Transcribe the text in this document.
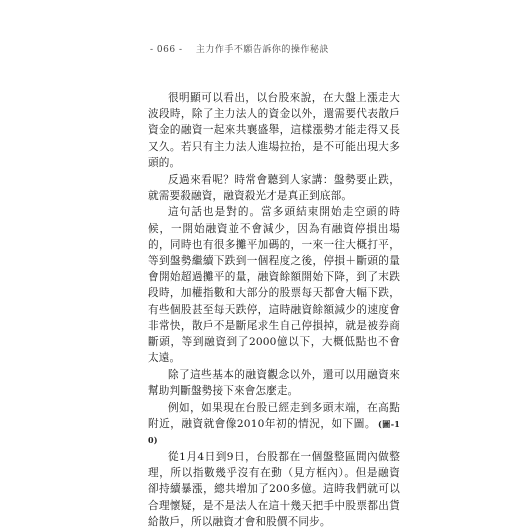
- 066 - 主力作手不願告訴你的操作秘訣

很明顯可以看出，以台股來說，在大盤上漲走大波段時，除了主力法人的資金以外，還需要代表散戶資金的融資一起來共襄盛舉，這樣漲勢才能走得又長又久。若只有主力法人進場拉抬，是不可能出現大多頭的。

反過來看呢？時常會聽到人家講：盤勢要止跌，就需要殺融資，融資殺光才是真正到底部。

這句話也是對的。當多頭結束開始走空頭的時候，一開始融資並不會減少，因為有融資停損出場的，同時也有很多攤平加碼的，一來一往大概打平，等到盤勢繼續下跌到一個程度之後，停損＋斷頭的量會開始超過攤平的量，融資餘額開始下降，到了末跌段時，加權指數和大部分的股票每天都會大幅下跌，有些個股甚至每天跌停，這時融資餘額減少的速度會非常快，散戶不是斷尾求生自己停損掉，就是被券商斷頭，等到融資到了2000億以下，大概低點也不會太遠。

除了這些基本的融資觀念以外，還可以用融資來幫助判斷盤勢接下來會怎麼走。

例如，如果現在台股已經走到多頭末端，在高點附近，融資就會像2010年初的情況，如下圖。 (圖-10)

從1月4日到9日，台股都在一個盤整區間內做整理，所以指數幾乎沒有在動（見方框內）。但是融資卻持續暴漲，總共增加了200多億。這時我們就可以合理懷疑，是不是法人在這十幾天把手中股票都出貨給散戶，所以融資才會和股價不同步。
